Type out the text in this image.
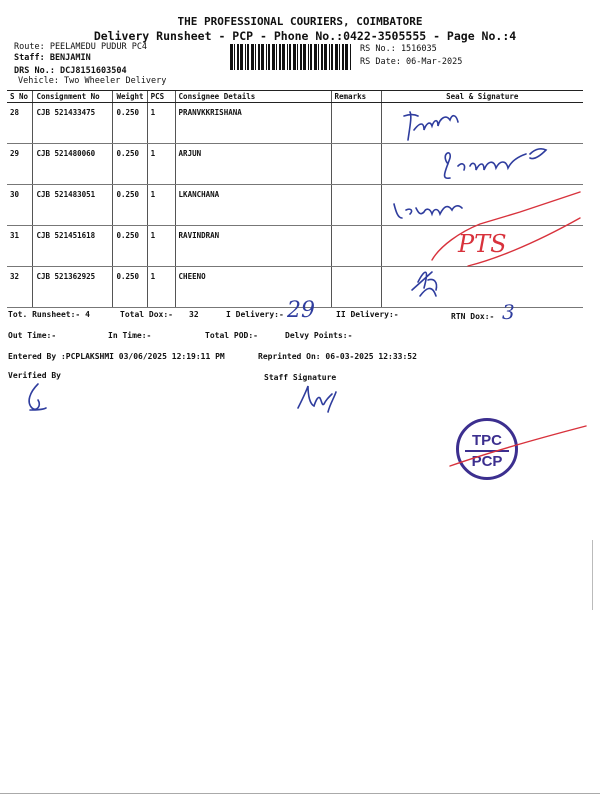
THE PROFESSIONAL COURIERS, COIMBATORE
Delivery Runsheet - PCP - Phone No.:0422-3505555 - Page No.:4
Route: PEELAMEDU PUDUR PC4
Staff: BENJAMIN
DRS No.: DCJ8151603504
Vehicle: Two Wheeler Delivery
RS No.: 1516035
RS Date: 06-Mar-2025
S No	Consignment No	Weight	PCS	Consignee Details	Remarks	Seal & Signature
28	CJB 521433475	0.250	1	PRANVKKRISHANA		
29	CJB 521480060	0.250	1	ARJUN		
30	CJB 521483051	0.250	1	LKANCHANA		
31	CJB 521451618	0.250	1	RAVINDRAN		
32	CJB 521362925	0.250	1	CHEENO		
PTS
Tot. Runsheet:- 4	Total Dox:- 32	I Delivery:- 29	II Delivery:-	RTN Dox:- 3
Out Time:-	In Time:-	Total POD:-	Delvy Points:-
Entered By :PCPLAKSHMI 03/06/2025 12:19:11 PM	Reprinted On: 06-03-2025 12:33:52
Verified By	Staff Signature
TPC
PCP
